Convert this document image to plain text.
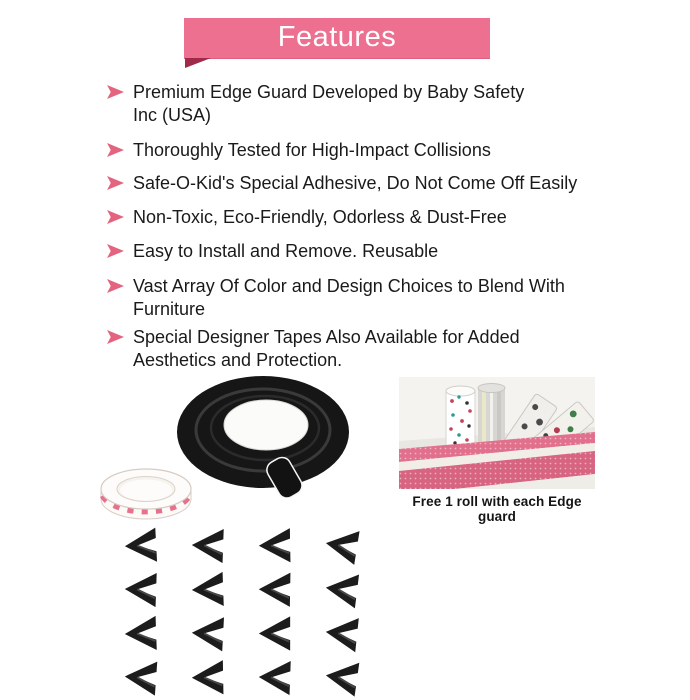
Features
Premium Edge Guard Developed by Baby Safety
Inc (USA)
Thoroughly Tested for High-Impact Collisions
Safe-O-Kid's Special Adhesive, Do Not Come Off Easily
Non-Toxic, Eco-Friendly, Odorless & Dust-Free
Easy to Install and Remove. Reusable
Vast Array Of Color and Design Choices to Blend With
Furniture
Special Designer Tapes Also Available for Added
Aesthetics and Protection.
Free 1 roll with each Edge guard
